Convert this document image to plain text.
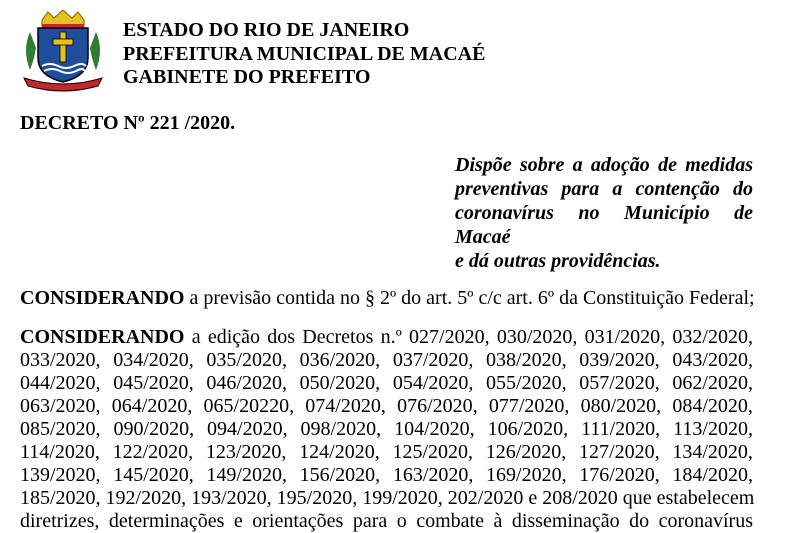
ESTADO DO RIO DE JANEIRO
PREFEITURA MUNICIPAL DE MACAÉ
GABINETE DO PREFEITO
DECRETO Nº 221 /2020.
Dispõe sobre a adoção de medidas
preventivas para a contenção do
coronavírus no Município de Macaé
e dá outras providências.

CONSIDERANDO a previsão contida no § 2º do art. 5º c/c art. 6º da Constituição Federal;

CONSIDERANDO a edição dos Decretos n.º 027/2020, 030/2020, 031/2020, 032/2020,
033/2020, 034/2020, 035/2020, 036/2020, 037/2020, 038/2020, 039/2020, 043/2020,
044/2020, 045/2020, 046/2020, 050/2020, 054/2020, 055/2020, 057/2020, 062/2020,
063/2020, 064/2020, 065/20220, 074/2020, 076/2020, 077/2020, 080/2020, 084/2020,
085/2020, 090/2020, 094/2020, 098/2020, 104/2020, 106/2020, 111/2020, 113/2020,
114/2020, 122/2020, 123/2020, 124/2020, 125/2020, 126/2020, 127/2020, 134/2020,
139/2020, 145/2020, 149/2020, 156/2020, 163/2020, 169/2020, 176/2020, 184/2020,
185/2020, 192/2020, 193/2020, 195/2020, 199/2020, 202/2020 e 208/2020 que estabelecem
diretrizes, determinações e orientações para o combate à disseminação do coronavírus
